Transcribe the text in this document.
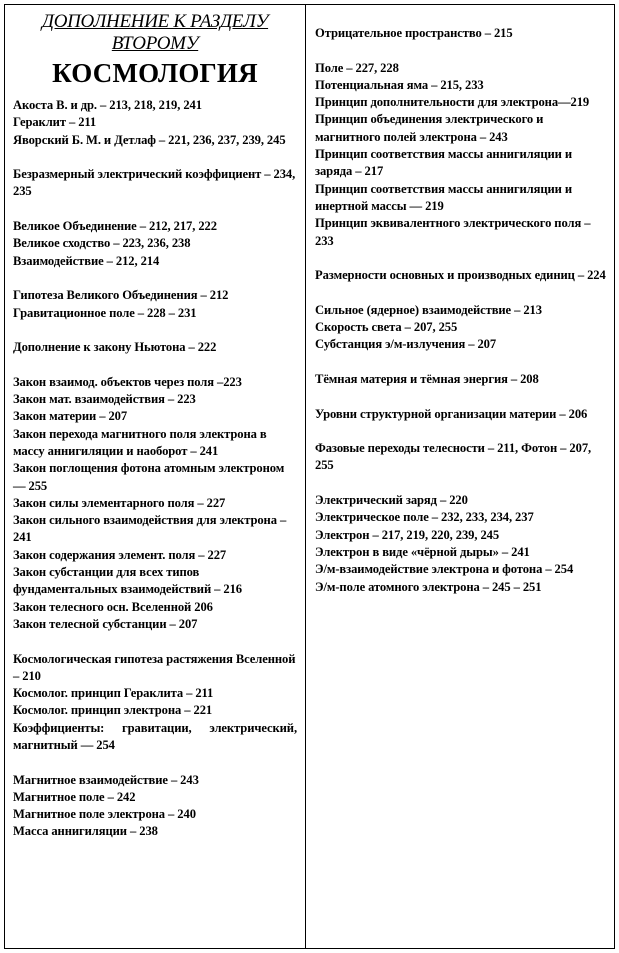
ДОПОЛНЕНИЕ К РАЗДЕЛУ ВТОРОМУ
КОСМОЛОГИЯ
Акоста В. и др. – 213, 218, 219, 241
Гераклит – 211
Яворский Б. М. и Детлаф – 221, 236, 237, 239, 245
Безразмерный электрический коэффициент – 234, 235
Великое Объединение – 212, 217, 222
Великое сходство – 223, 236, 238
Взаимодействие – 212, 214
Гипотеза Великого Объединения – 212
Гравитационное поле – 228 – 231
Дополнение к закону Ньютона – 222
Закон взаимод. объектов через поля –223
Закон мат. взаимодействия – 223
Закон материи – 207
Закон перехода магнитного поля электрона в массу аннигиляции и наоборот – 241
Закон поглощения фотона атомным электроном — 255
Закон силы элементарного поля – 227
Закон сильного взаимодействия для электрона – 241
Закон содержания элемент. поля – 227
Закон субстанции для всех типов фундаментальных взаимодействий – 216
Закон телесного осн. Вселенной 206
Закон телесной субстанции – 207
Космологическая гипотеза растяжения Вселенной – 210
Космолог. принцип Гераклита – 211
Космолог. принцип электрона – 221
Коэффициенты: гравитации, электрический, магнитный — 254
Магнитное взаимодействие – 243
Магнитное поле – 242
Магнитное поле электрона – 240
Масса аннигиляции – 238
Отрицательное пространство – 215
Поле – 227, 228
Потенциальная яма – 215, 233
Принцип дополнительности для электрона—219
Принцип объединения электрического и магнитного полей электрона – 243
Принцип соответствия массы аннигиляции и заряда – 217
Принцип соответствия массы аннигиляции и инертной массы — 219
Принцип эквивалентного электрического поля – 233
Размерности основных и производных единиц – 224
Сильное (ядерное) взаимодействие – 213
Скорость света – 207, 255
Субстанция э/м-излучения – 207
Тёмная материя и тёмная энергия – 208
Уровни структурной организации материи – 206
Фазовые переходы телесности – 211, Фотон – 207, 255
Электрический заряд – 220
Электрическое поле – 232, 233, 234, 237
Электрон – 217, 219, 220, 239, 245
Электрон в виде «чёрной дыры» – 241
Э/м-взаимодействие электрона и фотона – 254
Э/м-поле атомного электрона – 245 – 251
